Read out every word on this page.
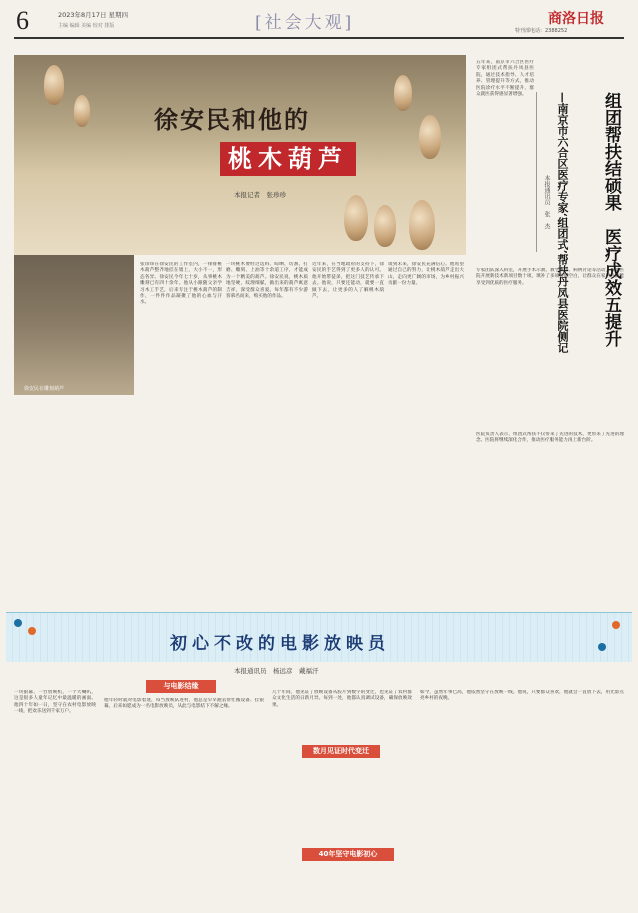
6	2023年8月17日 星期四
主编 编辑 美编 校对 排版	[社会大观]	商洛日报
特刊部电话：2388252
徐安民和他的
桃木葫芦
本报记者　张珍珍
徐安民在雕刻葫芦
张珍珍在徐安民的工作室内，一排排桃木葫芦整齐地挂在墙上，大小不一，形态各异。徐安民今年七十岁，从事桃木雕刻已有四十余年。他从小跟随父亲学习木工手艺，后来专注于桃木葫芦的制作，一件件作品凝聚了他的心血与汗水。
一块桃木要经过选料、晾晒、切割、打磨、雕刻、上油等十余道工序，才能成为一个精美的葫芦。徐安民说，桃木质地坚硬，纹理细腻，做出来的葫芦寓意吉祥，深受群众喜爱。每年都有不少游客慕名而来，购买他的作品。
近年来，在当地政府的支持下，徐安民的手艺得到了更多人的认可。他开始带徒弟，把这门技艺传承下去。他说，只要还能动，就要一直做下去，让更多的人了解桃木葫芦。
谈到未来，徐安民充满信心。他希望通过自己的努力，让桃木葫芦走出大山，走向更广阔的市场，为乡村振兴贡献一份力量。	组团帮扶结硕果　医疗成效五提升
—南京市六合区医疗专家‘组团式’帮扶丹凤县医院侧记
本报通讯员　张　杰
五年来，南京市六合区医疗专家组团式帮扶丹凤县医院，通过技术指导、人才培养、管理提升等方式，推动医院诊疗水平不断提升，群众就医获得感显著增强。
专家团队深入科室，开展手术示教、教学查房、病例讨论等活动，帮助医院开展新技术新项目数十项，填补了多项县域空白，让群众在家门口就能享受到优质的医疗服务。
医院负责人表示，组团式帮扶不仅带来了先进的技术，更带来了先进的理念。医院将继续深化合作，推动医疗服务能力再上新台阶。
初心不改的电影放映员
本报通讯员　杨远彦　戴福汗
一块银幕，一台放映机，一个大喇叭，这是很多人童年记忆中最温暖的画面。他四十年如一日，坚守在农村电影放映一线，把欢乐送到千家万户。
与电影结缘
他年轻时就对电影着迷，每当放映队进村，他总是早早跑去帮忙搬设备、挂银幕，后来如愿成为一名电影放映员，从此与电影结下不解之缘。
数月见证时代变迁
几十年间，他见证了放映设备从胶片到数字的变迁，也见证了农村群众文化生活的日新月异。每到一处，他都认真调试设备，确保放映效果。
40年坚守电影初心
如今，虽然年事已高，他依然坚守在放映一线。他说，只要群众喜欢，他就会一直放下去，用光影点亮乡村的夜晚。
